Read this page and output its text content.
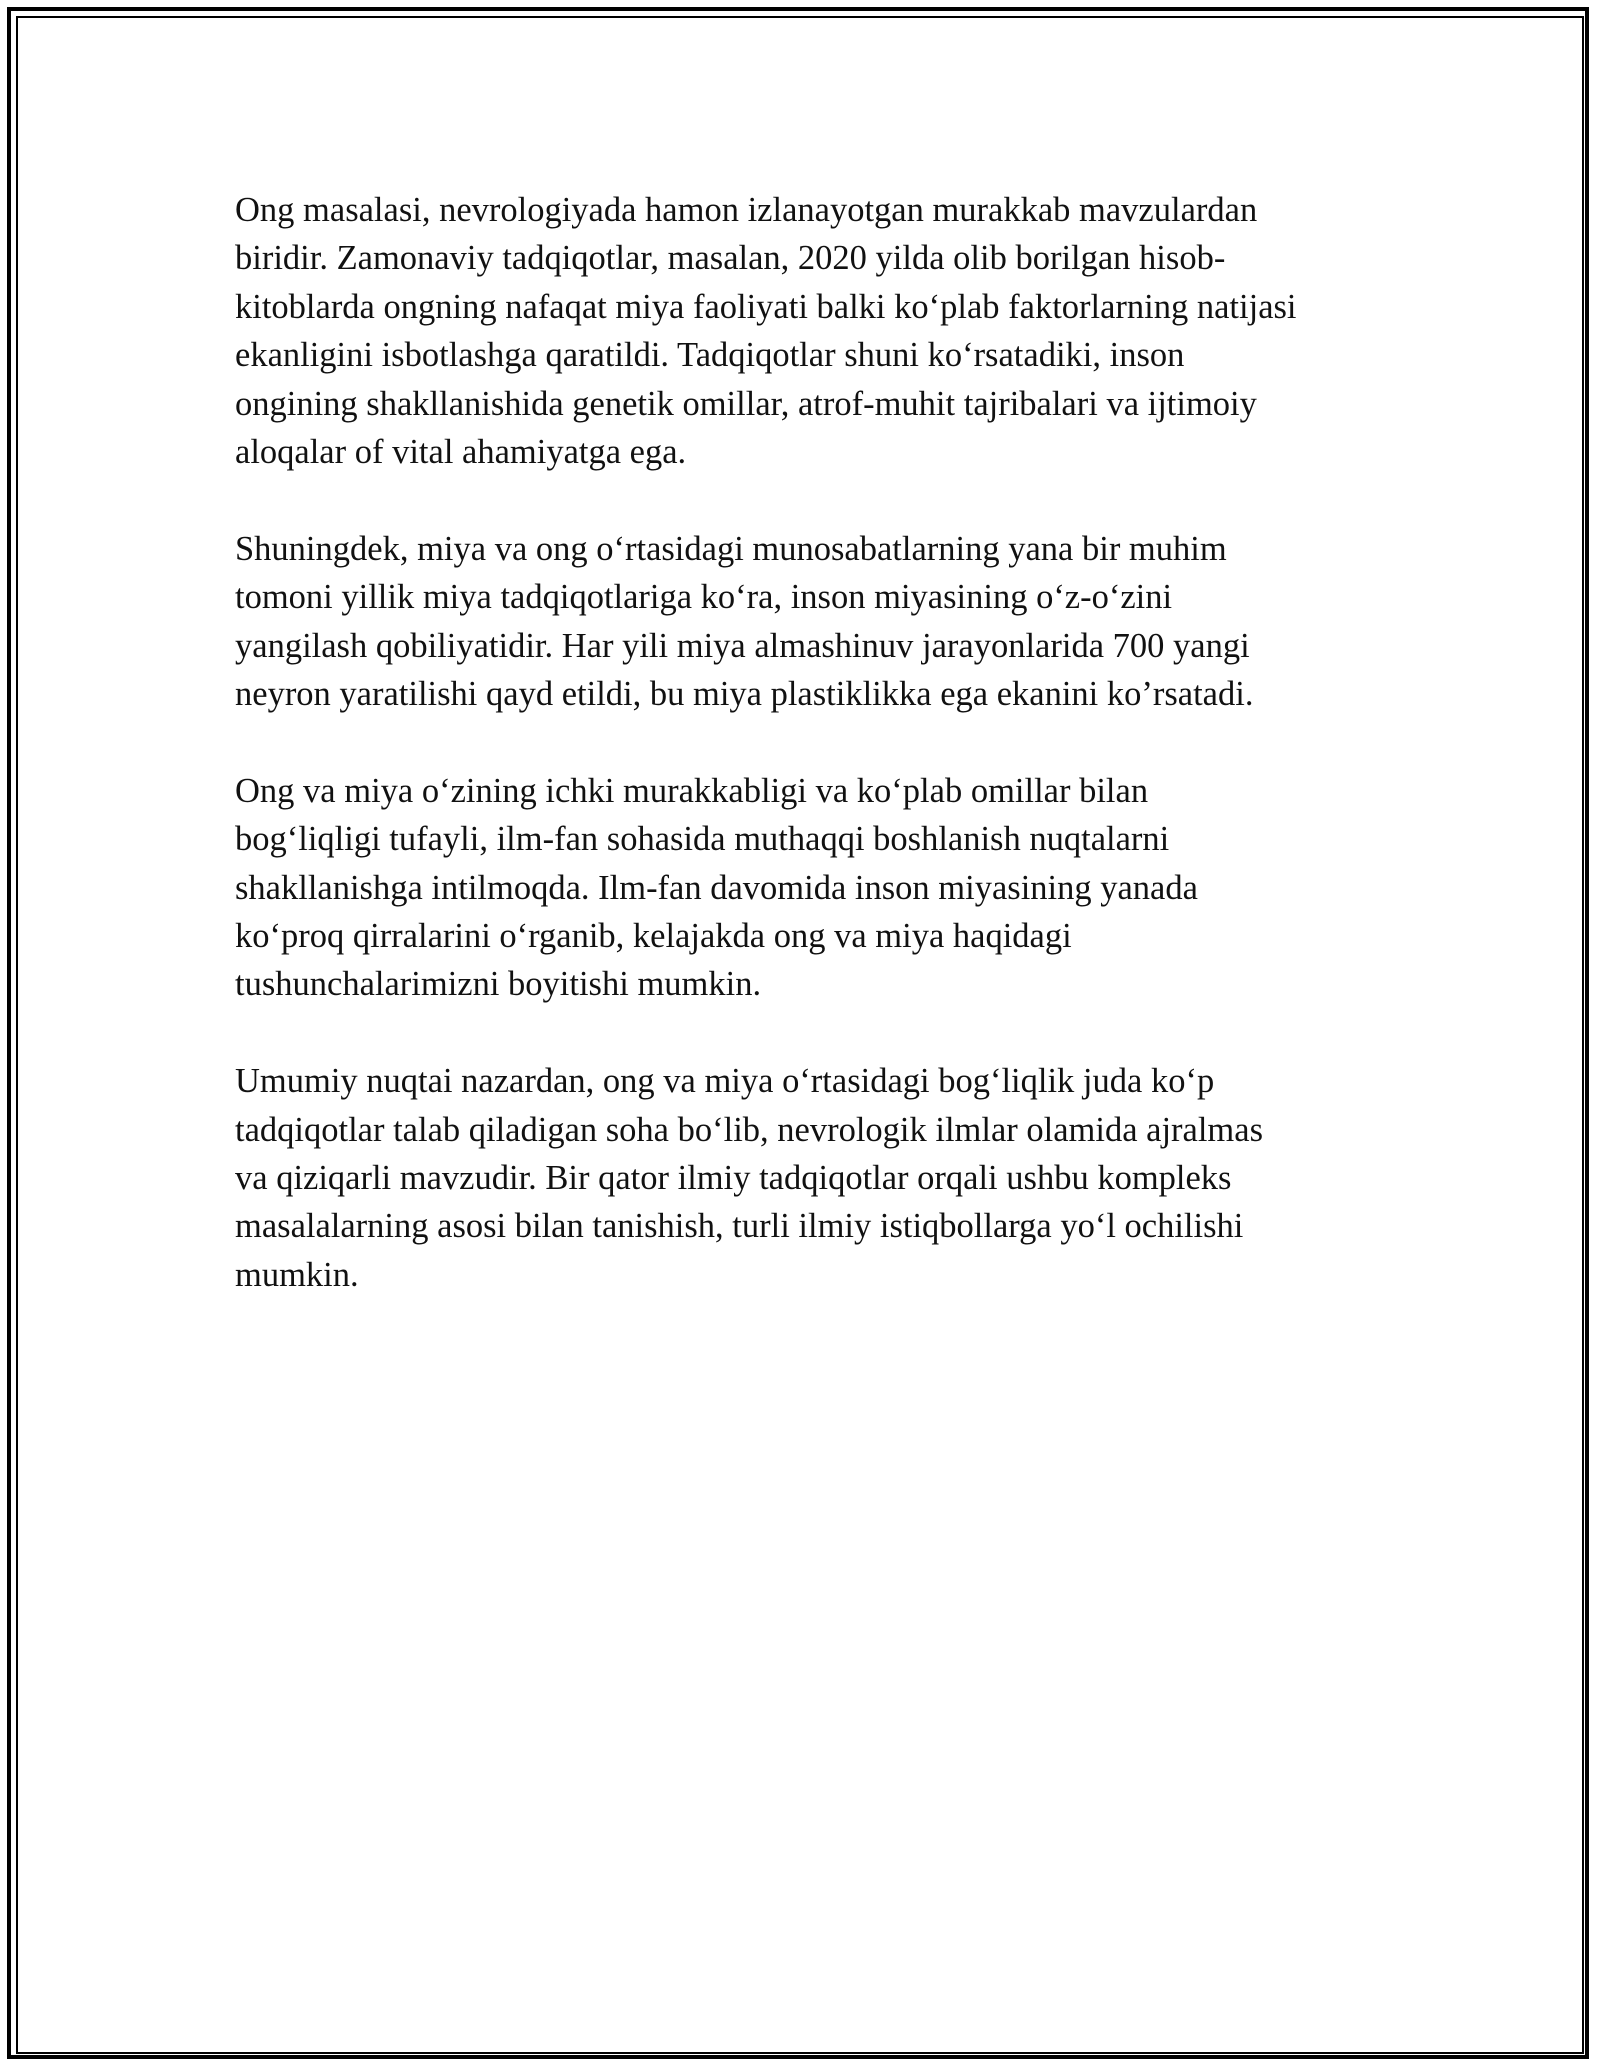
Ong masalasi, nevrologiyada hamon izlanayotgan murakkab mavzulardan
biridir. Zamonaviy tadqiqotlar, masalan, 2020 yilda olib borilgan hisob-
kitoblarda ongning nafaqat miya faoliyati balki ko‘plab faktorlarning natijasi
ekanligini isbotlashga qaratildi. Tadqiqotlar shuni ko‘rsatadiki, inson
ongining shakllanishida genetik omillar, atrof-muhit tajribalari va ijtimoiy
aloqalar of vital ahamiyatga ega.

Shuningdek, miya va ong o‘rtasidagi munosabatlarning yana bir muhim
tomoni yillik miya tadqiqotlariga ko‘ra, inson miyasining o‘z-o‘zini
yangilash qobiliyatidir. Har yili miya almashinuv jarayonlarida 700 yangi
neyron yaratilishi qayd etildi, bu miya plastiklikka ega ekanini ko’rsatadi.

Ong va miya o‘zining ichki murakkabligi va ko‘plab omillar bilan
bog‘liqligi tufayli, ilm-fan sohasida muthaqqi boshlanish nuqtalarni
shakllanishga intilmoqda. Ilm-fan davomida inson miyasining yanada
ko‘proq qirralarini o‘rganib, kelajakda ong va miya haqidagi
tushunchalarimizni boyitishi mumkin.

Umumiy nuqtai nazardan, ong va miya o‘rtasidagi bog‘liqlik juda ko‘p
tadqiqotlar talab qiladigan soha bo‘lib, nevrologik ilmlar olamida ajralmas
va qiziqarli mavzudir. Bir qator ilmiy tadqiqotlar orqali ushbu kompleks
masalalarning asosi bilan tanishish, turli ilmiy istiqbollarga yo‘l ochilishi
mumkin.
